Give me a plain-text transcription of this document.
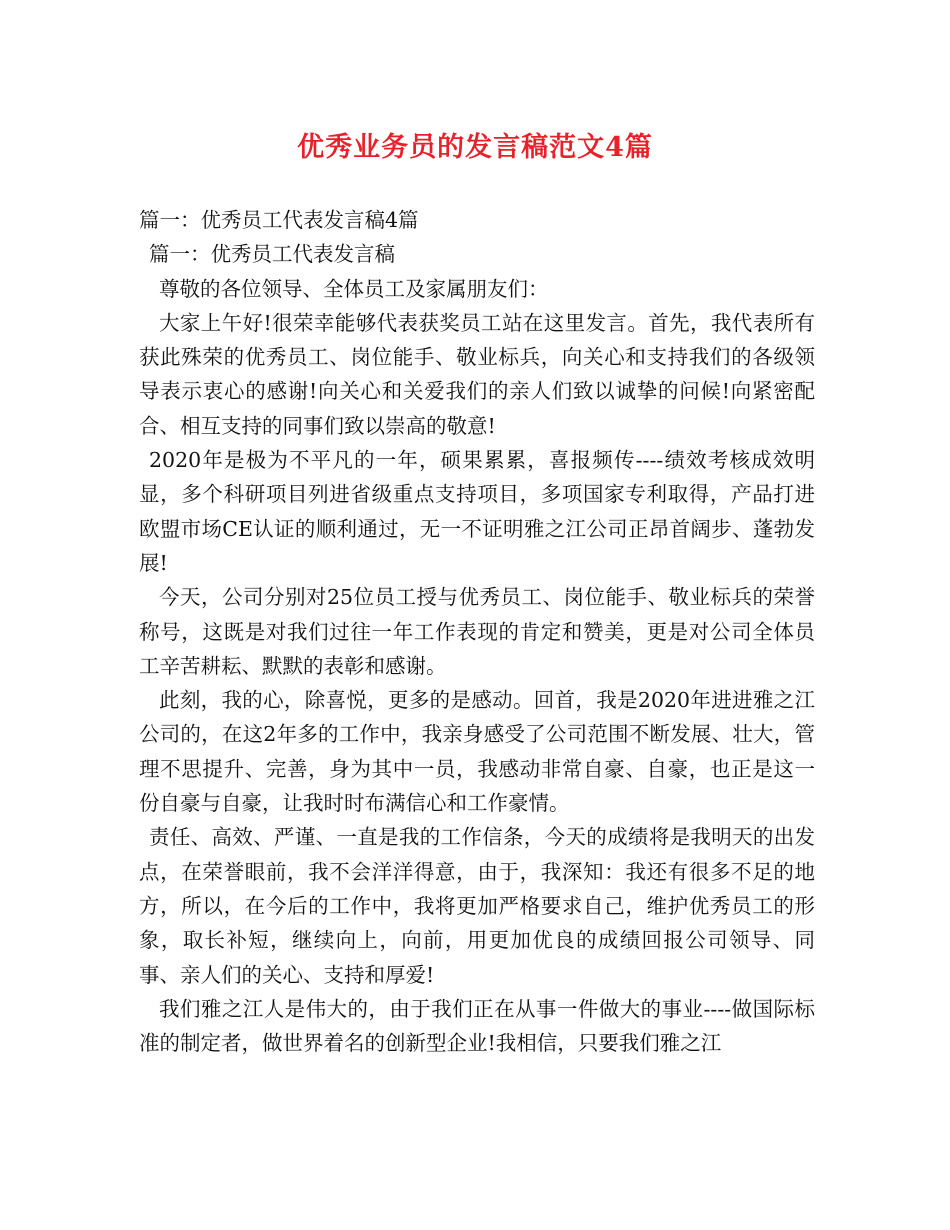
优秀业务员的发言稿范文4篇

篇一：优秀员工代表发言稿4篇

篇一：优秀员工代表发言稿

尊敬的各位领导、全体员工及家属朋友们：

大家上午好!很荣幸能够代表获奖员工站在这里发言。首先，我代表所有获此殊荣的优秀员工、岗位能手、敬业标兵，向关心和支持我们的各级领导表示衷心的感谢!向关心和关爱我们的亲人们致以诚挚的问候!向紧密配合、相互支持的同事们致以崇高的敬意!

2020年是极为不平凡的一年，硕果累累，喜报频传----绩效考核成效明显，多个科研项目列进省级重点支持项目，多项国家专利取得，产品打进欧盟市场CE认证的顺利通过，无一不证明雅之江公司正昂首阔步、蓬勃发展!

今天，公司分别对25位员工授与优秀员工、岗位能手、敬业标兵的荣誉称号，这既是对我们过往一年工作表现的肯定和赞美，更是对公司全体员工辛苦耕耘、默默的表彰和感谢。

此刻，我的心，除喜悦，更多的是感动。回首，我是2020年进进雅之江公司的，在这2年多的工作中，我亲身感受了公司范围不断发展、壮大，管理不思提升、完善，身为其中一员，我感动非常自豪、自豪，也正是这一份自豪与自豪，让我时时布满信心和工作豪情。

责任、高效、严谨、一直是我的工作信条，今天的成绩将是我明天的出发点，在荣誉眼前，我不会洋洋得意，由于，我深知：我还有很多不足的地方，所以，在今后的工作中，我将更加严格要求自己，维护优秀员工的形象，取长补短，继续向上，向前，用更加优良的成绩回报公司领导、同事、亲人们的关心、支持和厚爱!

我们雅之江人是伟大的，由于我们正在从事一件做大的事业----做国际标准的制定者，做世界着名的创新型企业!我相信，只要我们雅之江
